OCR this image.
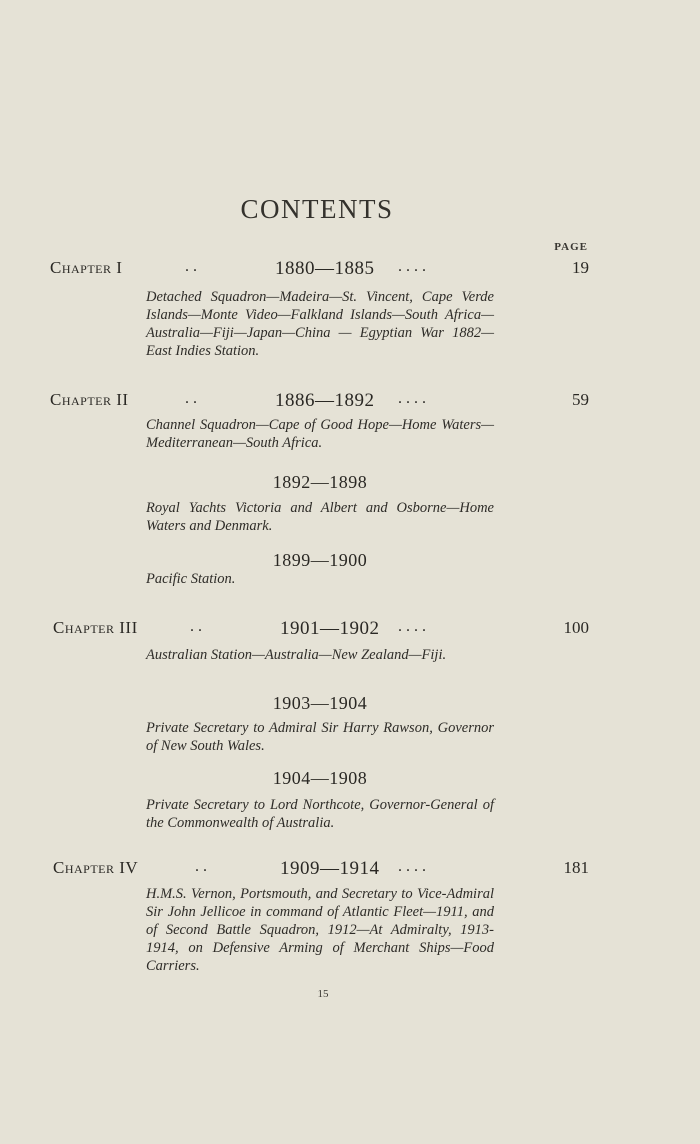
CONTENTS
PAGE
Chapter I	. .	1880—1885 . . . .	19
Detached Squadron—Madeira—St. Vincent, Cape Verde Islands—Monte Video—Falkland Islands—South Africa—Australia—Fiji—Japan—China — Egyptian War 1882—East Indies Station.
Chapter II	. .	1886—1892 . . . .	59
Channel Squadron—Cape of Good Hope—Home Waters—Mediterranean—South Africa.
1892—1898
Royal Yachts Victoria and Albert and Osborne—Home Waters and Denmark.
1899—1900
Pacific Station.
Chapter III	. .	1901—1902 . . . .	100
Australian Station—Australia—New Zealand—Fiji.
1903—1904
Private Secretary to Admiral Sir Harry Rawson, Governor of New South Wales.
1904—1908
Private Secretary to Lord Northcote, Governor-General of the Commonwealth of Australia.
Chapter IV	. .	1909—1914 . . . .	181
H.M.S. Vernon, Portsmouth, and Secretary to Vice-Admiral Sir John Jellicoe in command of Atlantic Fleet—1911, and of Second Battle Squadron, 1912—At Admiralty, 1913-1914, on Defensive Arming of Merchant Ships—Food Carriers.
15
